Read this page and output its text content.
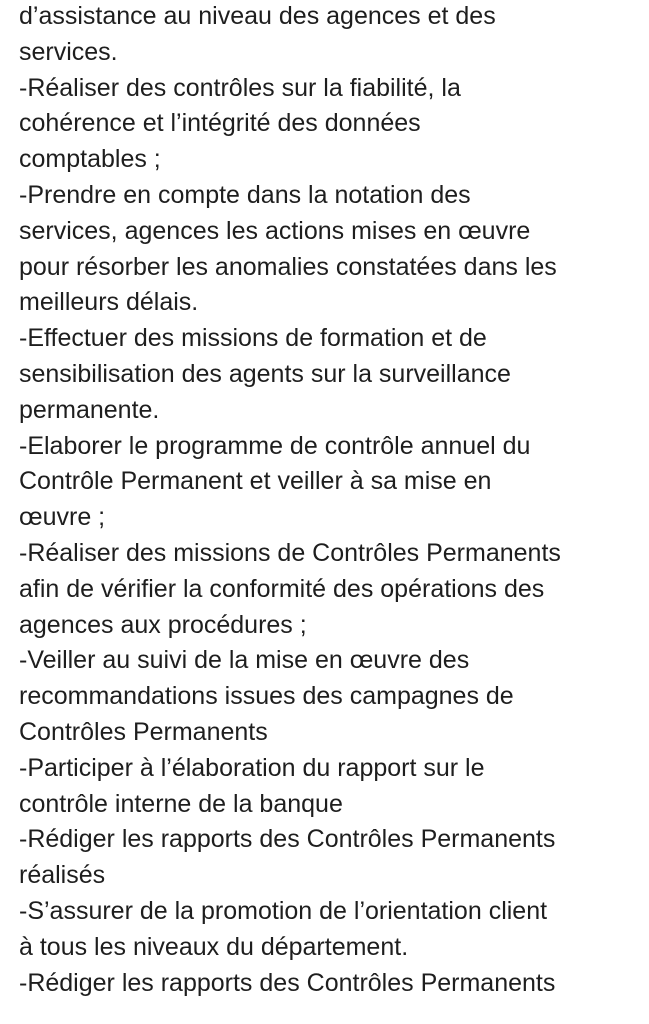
d’assistance au niveau des agences et des

services.

-Réaliser des contrôles sur la fiabilité, la

cohérence et l’intégrité des données

comptables ;

-Prendre en compte dans la notation des

services, agences les actions mises en œuvre

pour résorber les anomalies constatées dans les

meilleurs délais.

-Effectuer des missions de formation et de

sensibilisation des agents sur la surveillance

permanente.

-Elaborer le programme de contrôle annuel du

Contrôle Permanent et veiller à sa mise en

œuvre ;

-Réaliser des missions de Contrôles Permanents

afin de vérifier la conformité des opérations des

agences aux procédures ;

-Veiller au suivi de la mise en œuvre des

recommandations issues des campagnes de

Contrôles Permanents

-Participer à l’élaboration du rapport sur le

contrôle interne de la banque

-Rédiger les rapports des Contrôles Permanents

réalisés

-S’assurer de la promotion de l’orientation client

à tous les niveaux du département.

-Rédiger les rapports des Contrôles Permanents
